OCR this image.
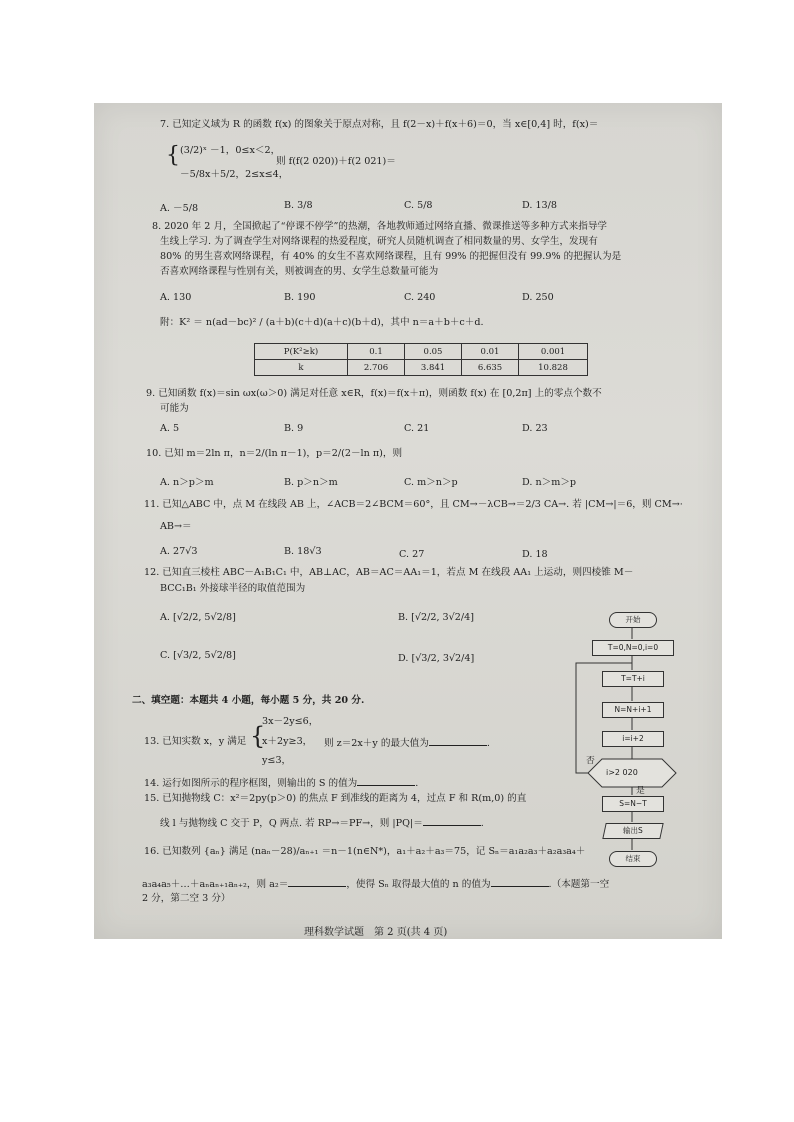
7. 已知定义域为 R 的函数 f(x) 的图象关于原点对称，且 f(2－x)＋f(x＋6)＝0，当 x∈[0,4] 时，f(x)＝
{ (3/2)ˣ －1，0≤x＜2，
则 f(f(2 020))＋f(2 021)＝
－5/8x＋5/2，2≤x≤4，
A. －5/8	B. 3/8	C. 5/8	D. 13/8
8. 2020 年 2 月，全国掀起了“停课不停学”的热潮，各地教师通过网络直播、微课推送等多种方式来指导学
生线上学习. 为了调查学生对网络课程的热爱程度，研究人员随机调查了相同数量的男、女学生，发现有
80% 的男生喜欢网络课程，有 40% 的女生不喜欢网络课程，且有 99% 的把握但没有 99.9% 的把握认为是
否喜欢网络课程与性别有关，则被调查的男、女学生总数量可能为
A. 130	B. 190	C. 240	D. 250
附：K² ＝ n(ad－bc)² / (a＋b)(c＋d)(a＋c)(b＋d)，其中 n＝a＋b＋c＋d.
P(K²≥k)	0.1	0.05	0.01	0.001
k	2.706	3.841	6.635	10.828
9. 已知函数 f(x)＝sin ωx(ω＞0) 满足对任意 x∈R，f(x)＝f(x＋π)，则函数 f(x) 在 [0,2π] 上的零点个数不
可能为
A. 5	B. 9	C. 21	D. 23
10. 已知 m＝2ln π，n＝2/(ln π－1)，p＝2/(2－ln π)，则
A. n＞p＞m	B. p＞n＞m	C. m＞n＞p	D. n＞m＞p
11. 已知△ABC 中，点 M 在线段 AB 上，∠ACB＝2∠BCM＝60°，且 CM→－λCB→＝2/3 CA→. 若 |CM→|＝6，则 CM→·
AB→＝
A. 27√3	B. 18√3	C. 27	D. 18
12. 已知直三棱柱 ABC－A₁B₁C₁ 中，AB⊥AC，AB＝AC＝AA₁＝1，若点 M 在线段 AA₁ 上运动，则四棱锥 M－
BCC₁B₁ 外接球半径的取值范围为
A. [√2/2, 5√2/8]	B. [√2/2, 3√2/4]
C. [√3/2, 5√2/8]	D. [√3/2, 3√2/4]
二、填空题：本题共 4 小题，每小题 5 分，共 20 分.
13. 已知实数 x，y 满足 {
3x－2y≤6，
x＋2y≥3，
y≤3，
则 z＝2x＋y 的最大值为	.
14. 运行如图所示的程序框图，则输出的 S 的值为	.
15. 已知抛物线 C：x²＝2py(p＞0) 的焦点 F 到准线的距离为 4，过点 F 和 R(m,0) 的直
线 l 与抛物线 C 交于 P，Q 两点. 若 RP→＝PF→，则 |PQ|＝	.
16. 已知数列 {aₙ} 满足 (naₙ－28)/aₙ₊₁ ＝n－1(n∈N*)，a₁＋a₂＋a₃＝75，记 Sₙ＝a₁a₂a₃＋a₂a₃a₄＋
a₃a₄a₅＋…＋aₙaₙ₊₁aₙ₊₂，则 a₂＝	，使得 Sₙ 取得最大值的 n 的值为	.（本题第一空
2 分，第二空 3 分）
开始
T=0,N=0,i=0
T=T+i
N=N+i+1
i=i+2
i>2 020
否
是
S=N−T
输出S
结束
理科数学试题　第 2 页(共 4 页)
